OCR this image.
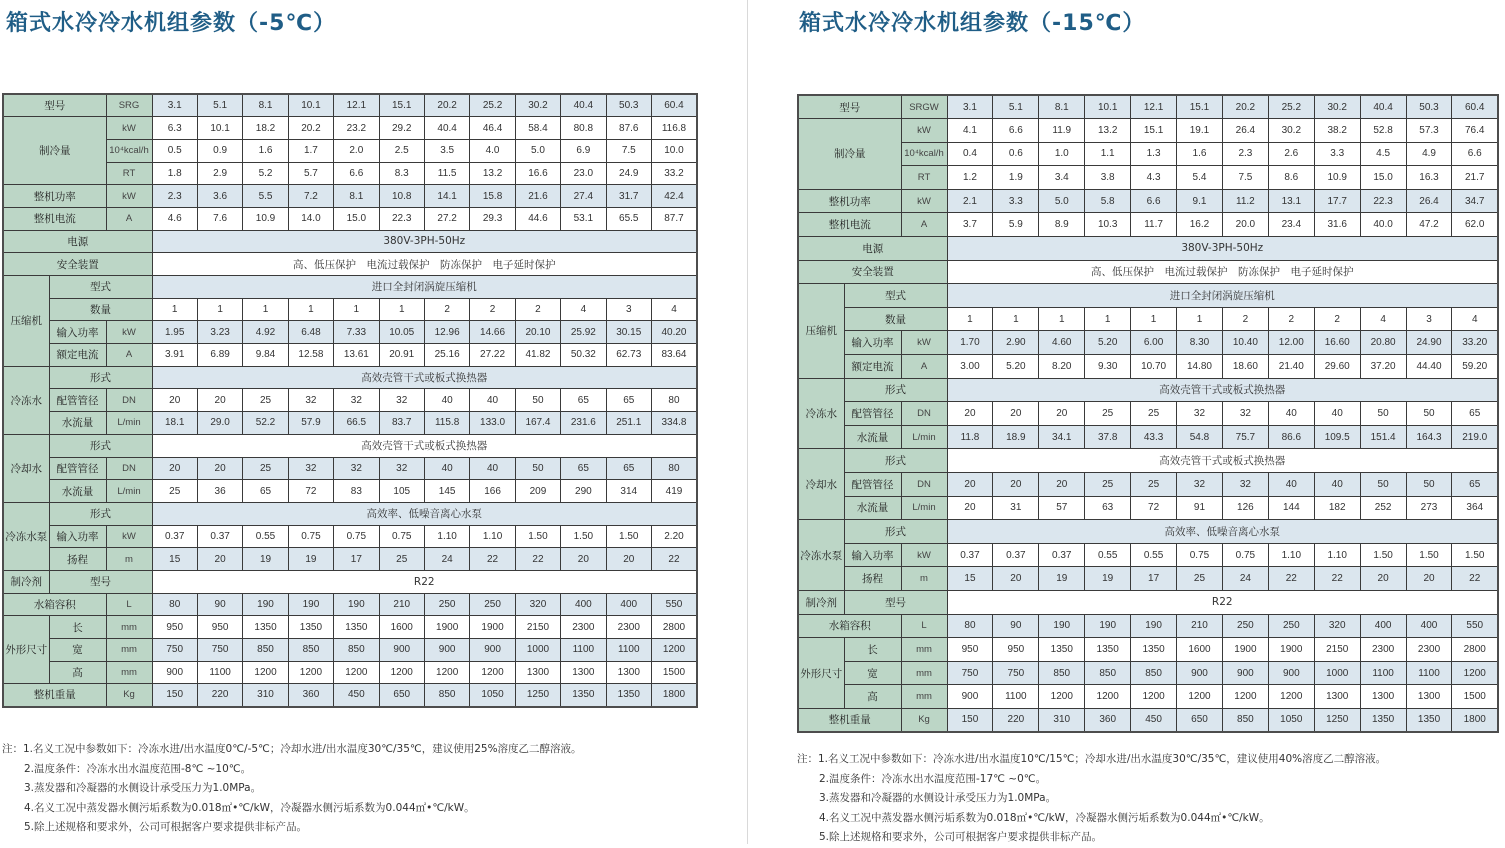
箱式水冷冷水机组参数（-5℃）
型号		SRG	3.1	5.1	8.1	10.1	12.1	15.1	20.2	25.2	30.2	40.4	50.3	60.4
制冷量		kW	6.3	10.1	18.2	20.2	23.2	29.2	40.4	46.4	58.4	80.8	87.6	116.8
		10⁴kcal/h	0.5	0.9	1.6	1.7	2.0	2.5	3.5	4.0	5.0	6.9	7.5	10.0
		RT	1.8	2.9	5.2	5.7	6.6	8.3	11.5	13.2	16.6	23.0	24.9	33.2
整机功率		kW	2.3	3.6	5.5	7.2	8.1	10.8	14.1	15.8	21.6	27.4	31.7	42.4
整机电流		A	4.6	7.6	10.9	14.0	15.0	22.3	27.2	29.3	44.6	53.1	65.5	87.7
电源			380V-3PH-50Hz											
安全装置			高、低压保护　电流过载保护　防冻保护　电子延时保护											
压缩机	型式		进口全封闭涡旋压缩机											
	数量		1	1	1	1	1	1	2	2	2	4	3	4
	输入功率	kW	1.95	3.23	4.92	6.48	7.33	10.05	12.96	14.66	20.10	25.92	30.15	40.20
	额定电流	A	3.91	6.89	9.84	12.58	13.61	20.91	25.16	27.22	41.82	50.32	62.73	83.64
冷冻水	形式		高效壳管干式或板式换热器											
	配管管径	DN	20	20	25	32	32	32	40	40	50	65	65	80
	水流量	L/min	18.1	29.0	52.2	57.9	66.5	83.7	115.8	133.0	167.4	231.6	251.1	334.8
冷却水	形式		高效壳管干式或板式换热器											
	配管管径	DN	20	20	25	32	32	32	40	40	50	65	65	80
	水流量	L/min	25	36	65	72	83	105	145	166	209	290	314	419
冷冻水泵	形式		高效率、低噪音离心水泵											
	输入功率	kW	0.37	0.37	0.55	0.75	0.75	0.75	1.10	1.10	1.50	1.50	1.50	2.20
	扬程	m	15	20	19	19	17	25	24	22	22	20	20	22
制冷剂	型号		R22											
水箱容积		L	80	90	190	190	190	210	250	250	320	400	400	550
外形尺寸	长	mm	950	950	1350	1350	1350	1600	1900	1900	2150	2300	2300	2800
	宽	mm	750	750	850	850	850	900	900	900	1000	1100	1100	1200
	高	mm	900	1100	1200	1200	1200	1200	1200	1200	1300	1300	1300	1500
整机重量		Kg	150	220	310	360	450	650	850	1050	1250	1350	1350	1800
注：1.名义工况中参数如下：冷冻水进/出水温度0℃/-5℃；冷却水进/出水温度30℃/35℃，建议使用25%溶度乙二醇溶液。
2.温度条件：冷冻水出水温度范围-8℃ ~10℃。
3.蒸发器和冷凝器的水侧设计承受压力为1.0MPa。
4.名义工况中蒸发器水侧污垢系数为0.018㎡•℃/kW，冷凝器水侧污垢系数为0.044㎡•℃/kW。
5.除上述规格和要求外，公司可根据客户要求提供非标产品。
箱式水冷冷水机组参数（-15℃）
型号		SRGW	3.1	5.1	8.1	10.1	12.1	15.1	20.2	25.2	30.2	40.4	50.3	60.4
制冷量		kW	4.1	6.6	11.9	13.2	15.1	19.1	26.4	30.2	38.2	52.8	57.3	76.4
		10⁴kcal/h	0.4	0.6	1.0	1.1	1.3	1.6	2.3	2.6	3.3	4.5	4.9	6.6
		RT	1.2	1.9	3.4	3.8	4.3	5.4	7.5	8.6	10.9	15.0	16.3	21.7
整机功率		kW	2.1	3.3	5.0	5.8	6.6	9.1	11.2	13.1	17.7	22.3	26.4	34.7
整机电流		A	3.7	5.9	8.9	10.3	11.7	16.2	20.0	23.4	31.6	40.0	47.2	62.0
电源			380V-3PH-50Hz											
安全装置			高、低压保护　电流过载保护　防冻保护　电子延时保护											
压缩机	型式		进口全封闭涡旋压缩机											
	数量		1	1	1	1	1	1	2	2	2	4	3	4
	输入功率	kW	1.70	2.90	4.60	5.20	6.00	8.30	10.40	12.00	16.60	20.80	24.90	33.20
	额定电流	A	3.00	5.20	8.20	9.30	10.70	14.80	18.60	21.40	29.60	37.20	44.40	59.20
冷冻水	形式		高效壳管干式或板式换热器											
	配管管径	DN	20	20	20	25	25	32	32	40	40	50	50	65
	水流量	L/min	11.8	18.9	34.1	37.8	43.3	54.8	75.7	86.6	109.5	151.4	164.3	219.0
冷却水	形式		高效壳管干式或板式换热器											
	配管管径	DN	20	20	20	25	25	32	32	40	40	50	50	65
	水流量	L/min	20	31	57	63	72	91	126	144	182	252	273	364
冷冻水泵	形式		高效率、低噪音离心水泵											
	输入功率	kW	0.37	0.37	0.37	0.55	0.55	0.75	0.75	1.10	1.10	1.50	1.50	1.50
	扬程	m	15	20	19	19	17	25	24	22	22	20	20	22
制冷剂	型号		R22											
水箱容积		L	80	90	190	190	190	210	250	250	320	400	400	550
外形尺寸	长	mm	950	950	1350	1350	1350	1600	1900	1900	2150	2300	2300	2800
	宽	mm	750	750	850	850	850	900	900	900	1000	1100	1100	1200
	高	mm	900	1100	1200	1200	1200	1200	1200	1200	1300	1300	1300	1500
整机重量		Kg	150	220	310	360	450	650	850	1050	1250	1350	1350	1800
注：1.名义工况中参数如下：冷冻水进/出水温度10℃/15℃；冷却水进/出水温度30℃/35℃，建议使用40%溶度乙二醇溶液。
2.温度条件：冷冻水出水温度范围-17℃ ~0℃。
3.蒸发器和冷凝器的水侧设计承受压力为1.0MPa。
4.名义工况中蒸发器水侧污垢系数为0.018㎡•℃/kW，冷凝器水侧污垢系数为0.044㎡•℃/kW。
5.除上述规格和要求外，公司可根据客户要求提供非标产品。
